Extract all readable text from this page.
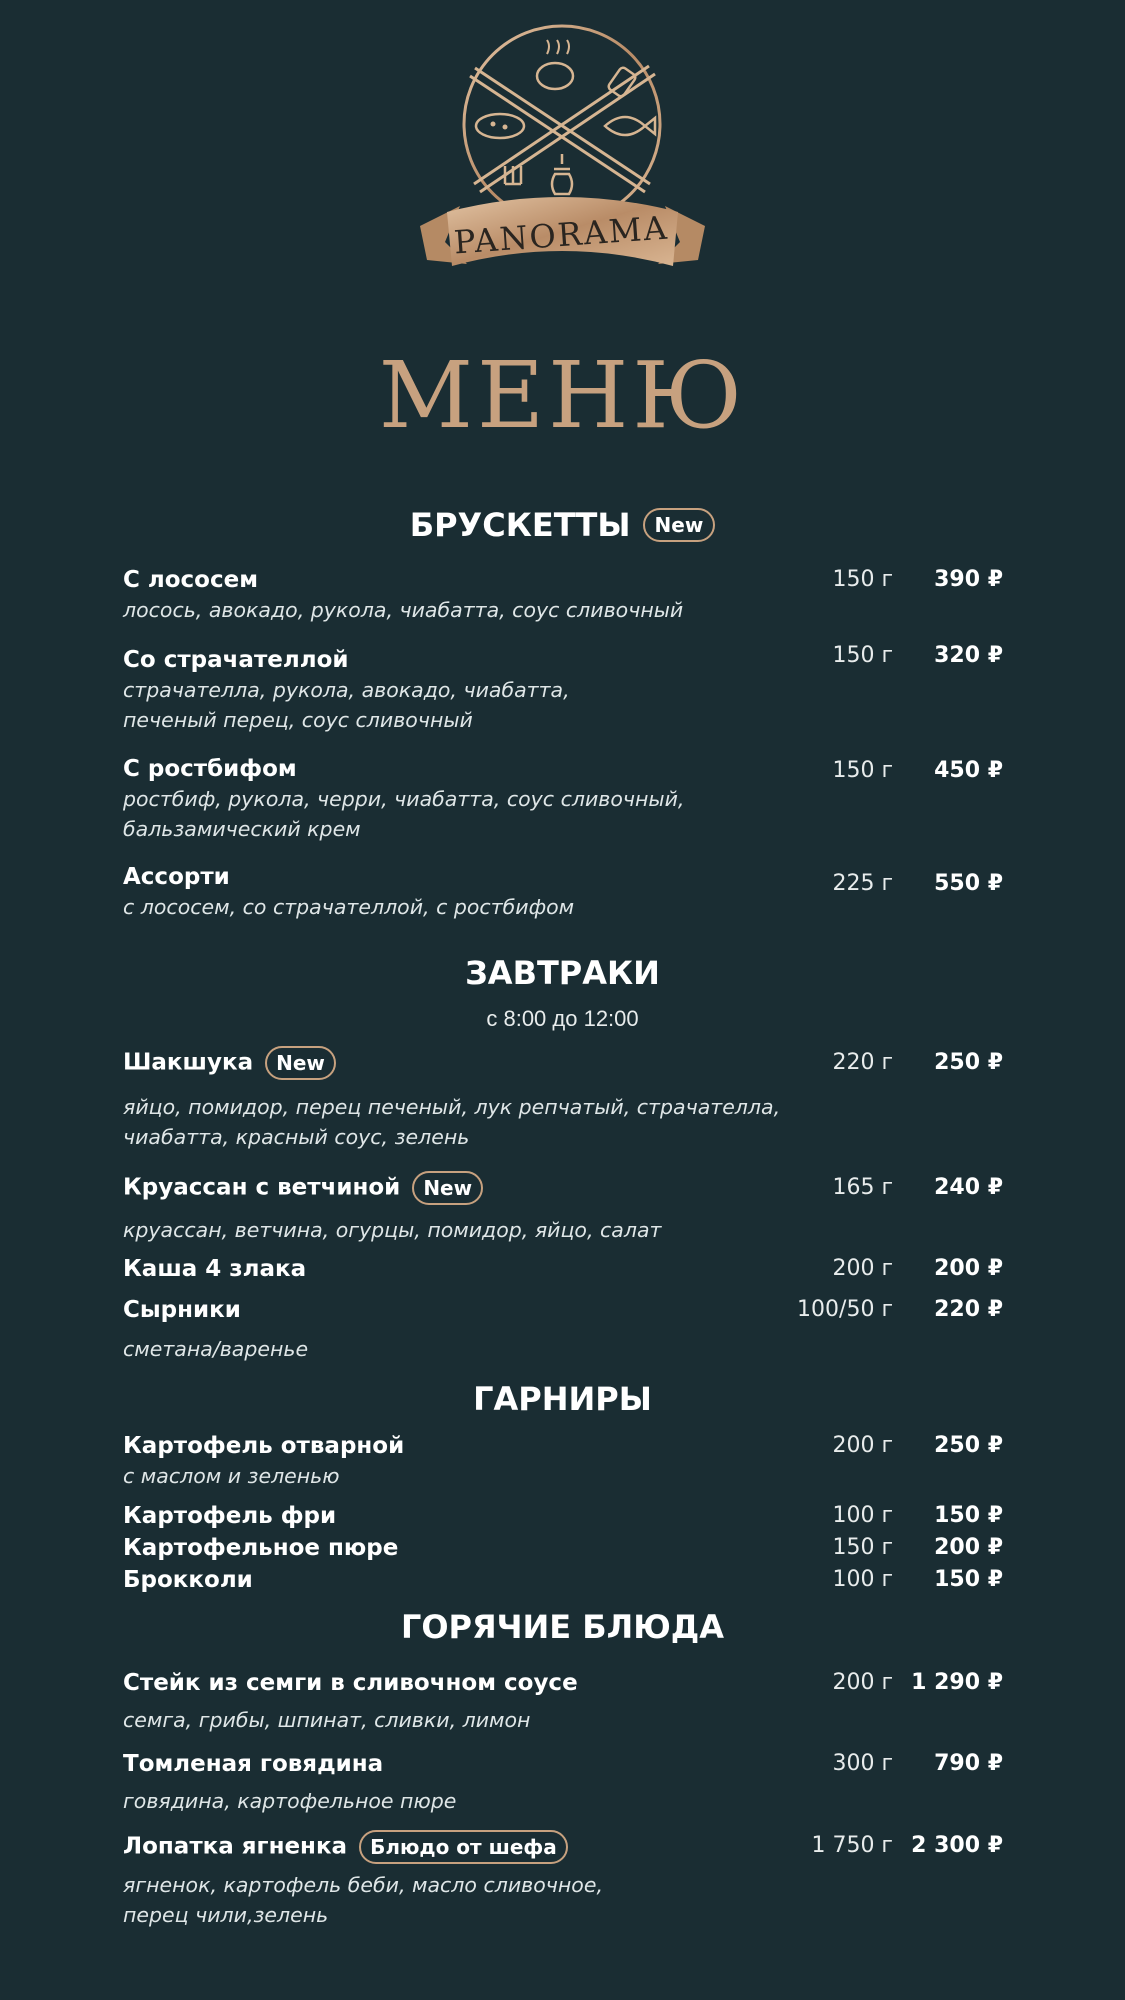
PANORAMA
МЕНЮ
БРУСКЕТТЫ New
С лососем
лосось, авокадо, рукола, чиабатта, соус сливочный
150 г 390 ₽
Со страчателлой
страчателла, рукола, авокадо, чиабатта,
печеный перец, соус сливочный
150 г 320 ₽
С ростбифом
ростбиф, рукола, черри, чиабатта, соус сливочный,
бальзамический крем
150 г 450 ₽
Ассорти
с лососем, со страчателлой, с ростбифом
225 г 550 ₽
ЗАВТРАКИ
с 8:00 до 12:00
Шакшука New
яйцо, помидор, перец печеный, лук репчатый, страчателла,
чиабатта, красный соус, зелень
220 г 250 ₽
Круассан с ветчиной New
круассан, ветчина, огурцы, помидор, яйцо, салат
165 г 240 ₽
Каша 4 злака	200 г 200 ₽
Сырники
сметана/варенье
100/50 г 220 ₽
ГАРНИРЫ
Картофель отварной
с маслом и зеленью
200 г 250 ₽
Картофель фри	100 г 150 ₽
Картофельное пюре	150 г 200 ₽
Брокколи	100 г 150 ₽
ГОРЯЧИЕ БЛЮДА
Стейк из семги в сливочном соусе
семга, грибы, шпинат, сливки, лимон
200 г 1 290 ₽
Томленая говядина
говядина, картофельное пюре
300 г 790 ₽
Лопатка ягненка Блюдо от шефа
ягненок, картофель беби, масло сливочное,
перец чили,зелень
1 750 г 2 300 ₽
